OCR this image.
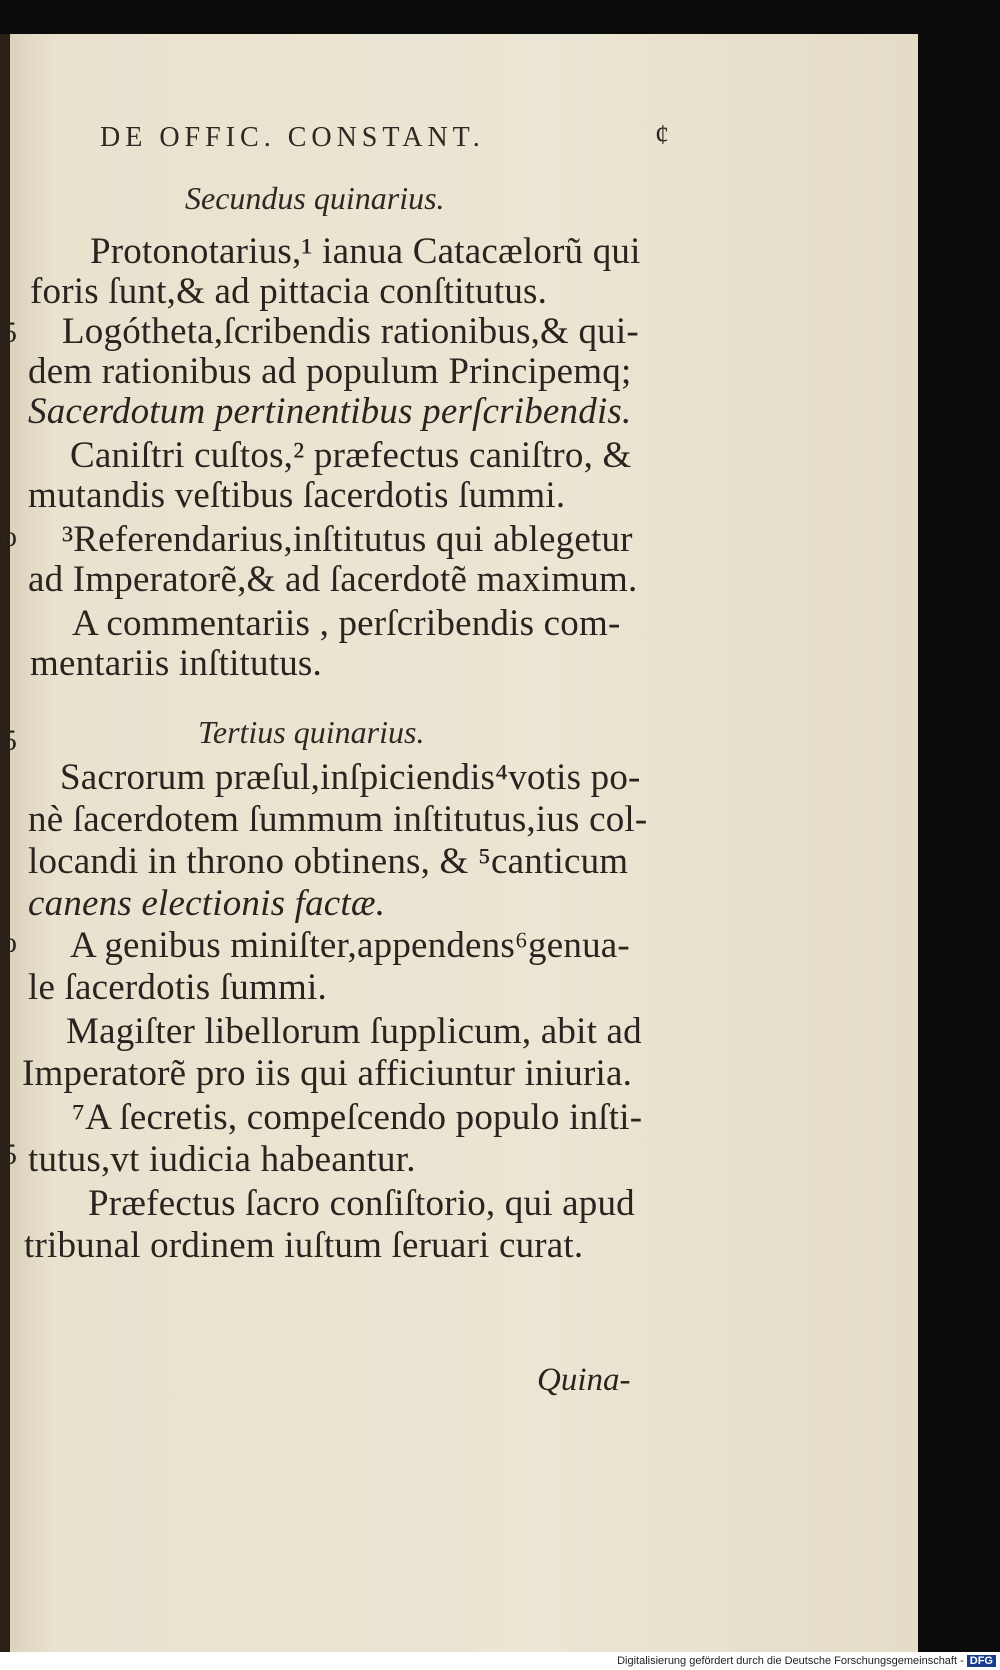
DE OFFIC. CONSTANT.	¢
Secundus quinarius.
Protonotarius,¹ ianua Catacælorũ qui
foris ſunt,& ad pittacia conſtitutus.
Logótheta,ſcribendis rationibus,& qui-
dem rationibus ad populum Principemq;
Sacerdotum pertinentibus perſcribendis.
Caniſtri cuſtos,² præfectus caniſtro, &
mutandis veſtibus ſacerdotis ſummi.
³Referendarius,inſtitutus qui ablegetur
ad Imperatorẽ,& ad ſacerdotẽ maximum.
A commentariis , perſcribendis com-
mentariis inſtitutus.
Tertius quinarius.
Sacrorum præſul,inſpiciendis⁴votis po-
nè ſacerdotem ſummum inſtitutus,ius col-
locandi in throno obtinens, & ⁵canticum
canens electionis factæ.
A genibus miniſter,appendens⁶genua-
le ſacerdotis ſummi.
Magiſter libellorum ſupplicum, abit ad
Imperatorẽ pro iis qui afficiuntur iniuria.
⁷A ſecretis, compeſcendo populo inſti-
tutus,vt iudicia habeantur.
Præfectus ſacro conſiſtorio, qui apud
tribunal ordinem iuſtum ſeruari curat.
5
o
5
o
5
Quina-
Digitalisierung gefördert durch die Deutsche Forschungsgemeinschaft - DFG
